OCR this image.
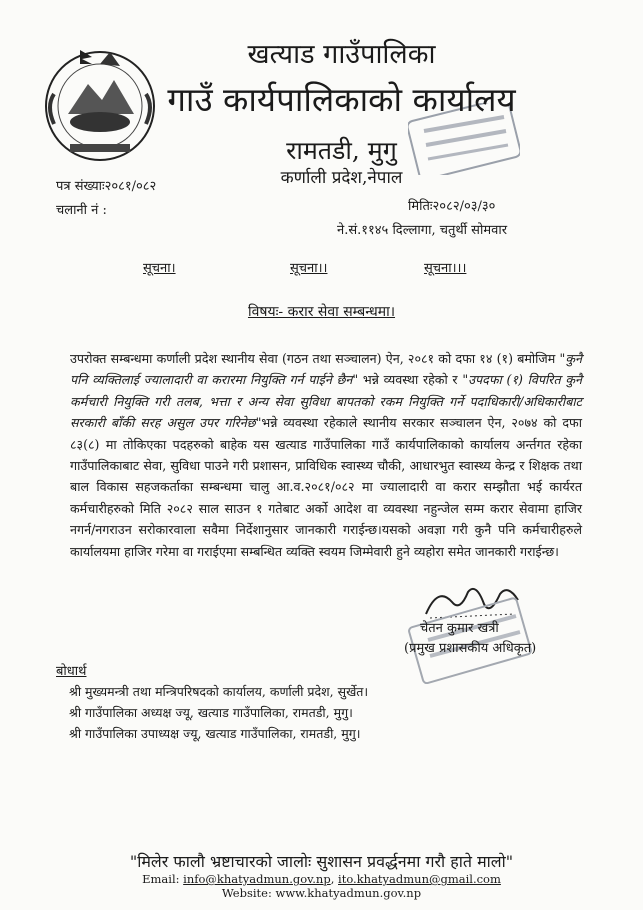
खत्याड गाउँपालिका
गाउँ कार्यपालिकाको कार्यालय
रामतडी, मुगु
कर्णाली प्रदेश,नेपाल
पत्र संख्याः२०८१/०८२
चलानी नं :	मितिः२०८२/०३/३०
ने.सं.११४५ दिल्लागा, चतुर्थी सोमवार
सूचना।	सूचना।।	सूचना।।।
विषयः- करार सेवा सम्बन्धमा।
उपरोक्त सम्बन्धमा कर्णाली प्रदेश स्थानीय सेवा (गठन तथा सञ्चालन) ऐन, २०८१ को दफा १४ (१) बमोजिम "कुनै पनि व्यक्तिलाई ज्यालादारी वा करारमा नियुक्ति गर्न पाईने छैन" भन्ने व्यवस्था रहेको र "उपदफा (१) विपरित कुनै कर्मचारी नियुक्ति गरी तलब, भत्ता र अन्य सेवा सुविधा बापतको रकम नियुक्ति गर्ने पदाधिकारी/अधिकारीबाट सरकारी बाँकी सरह असुल उपर गरिनेछ"भन्ने व्यवस्था रहेकाले स्थानीय सरकार सञ्चालन ऐन, २०७४ को दफा ८३(८) मा तोकिएका पदहरुको बाहेक यस खत्याड गाउँपालिका गाउँ कार्यपालिकाको कार्यालय अर्न्तगत रहेका गाउँपालिकाबाट सेवा, सुविधा पाउने गरी प्रशासन, प्राविधिक स्वास्थ्य चौकी, आधारभुत स्वास्थ्य केन्द्र र शिक्षक तथा बाल विकास सहजकर्ताका सम्बन्धमा चालु आ.व.२०८१/०८२ मा ज्यालादारी वा करार सम्झौता भई कार्यरत कर्मचारीहरुको मिति २०८२ साल साउन १ गतेबाट अर्को आदेश वा व्यवस्था नहुन्जेल सम्म करार सेवामा हाजिर नगर्न/नगराउन सरोकारवाला सवैमा निर्देशानुसार जानकारी गराईन्छ।यसको अवज्ञा गरी कुनै पनि कर्मचारीहरुले कार्यालयमा हाजिर गरेमा वा गराईएमा सम्बन्धित व्यक्ति स्वयम जिम्मेवारी हुने व्यहोरा समेत जानकारी गराईन्छ।
चेतन कुमार खत्री
(प्रमुख प्रशासकीय अधिकृत)
बोधार्थ
श्री मुख्यमन्त्री तथा मन्त्रिपरिषदको कार्यालय, कर्णाली प्रदेश, सुर्खेत।
श्री गाउँपालिका अध्यक्ष ज्यू, खत्याड गाउँपालिका, रामतडी, मुगु।
श्री गाउँपालिका उपाध्यक्ष ज्यू, खत्याड गाउँपालिका, रामतडी, मुगु।
"मिलेर फालौ भ्रष्टाचारको जालोः सुशासन प्रवर्द्धनमा गरौ हाते मालो"
Email: info@khatyadmun.gov.np, ito.khatyadmun@gmail.com
Website: www.khatyadmun.gov.np
